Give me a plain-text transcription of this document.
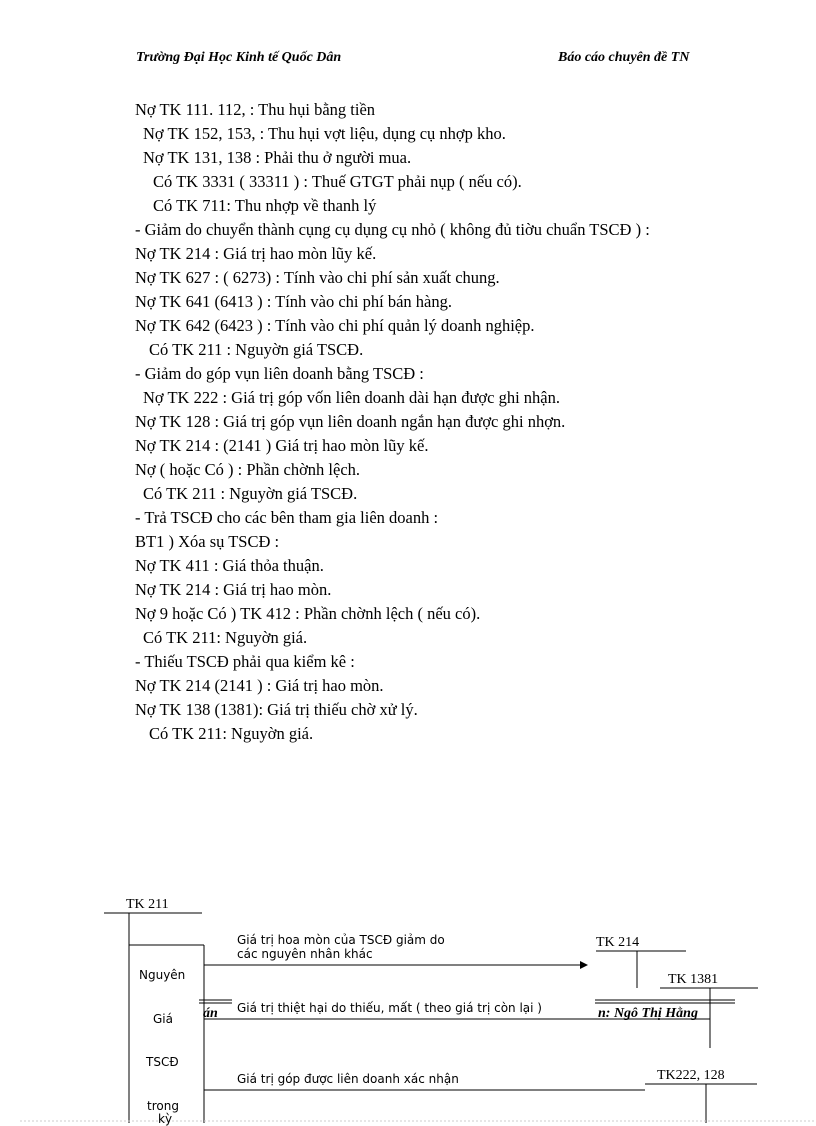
Trường Đại Học Kinh tế Quốc Dân	Báo cáo chuyên đề TN
Nợ TK 111. 112, : Thu hụi bằng tiền
Nợ TK 152, 153, : Thu hụi vợt liệu, dụng cụ nhợp kho.
Nợ TK 131, 138 : Phải thu ở người mua.
Có TK 3331 ( 33311 ) : Thuế GTGT phải nụp ( nếu có).
Có TK 711: Thu nhợp về thanh lý
- Giảm do chuyển thành cụng cụ dụng cụ nhỏ ( không đủ tiờu chuẩn TSCĐ ) :
Nợ TK 214 : Giá trị hao mòn lũy kế.
Nợ TK 627 : ( 6273) : Tính vào chi phí sản xuất chung.
Nợ TK 641 (6413 ) : Tính vào chi phí bán hàng.
Nợ TK 642 (6423 ) : Tính vào chi phí quản lý doanh nghiệp.
Có TK 211 : Nguyờn giá TSCĐ.
- Giảm do góp vụn liên doanh bằng TSCĐ :
Nợ TK 222 : Giá trị góp vốn liên doanh dài hạn được ghi nhận.
Nợ TK 128 : Giá trị góp vụn liên doanh ngắn hạn được ghi nhợn.
Nợ TK 214 : (2141 ) Giá trị hao mòn lũy kế.
Nợ ( hoặc Có ) : Phần chờnh lệch.
Có TK 211 : Nguyờn giá TSCĐ.
- Trả TSCĐ cho các bên tham gia liên doanh :
BT1 ) Xóa sụ TSCĐ :
Nợ TK 411 : Giá thỏa thuận.
Nợ TK 214 : Giá trị hao mòn.
Nợ 9 hoặc Có ) TK 412 : Phần chờnh lệch ( nếu có).
Có TK 211: Nguyờn giá.
- Thiếu TSCĐ phải qua kiểm kê :
Nợ TK 214 (2141 ) : Giá trị hao mòn.
Nợ TK 138 (1381): Giá trị thiếu chờ xử lý.
Có TK 211: Nguyờn giá.
TK 211
TK 214
TK 1381
TK222, 128
Nguyên
Giá
TSCĐ
trong
kỳ
Giá trị hoa mòn của TSCĐ giảm do
các nguyên nhân khác
Giá trị thiệt hại do thiếu, mất ( theo giá trị còn lại )
Giá trị góp được liên doanh xác nhận
án	n: Ngô Thị Hằng
